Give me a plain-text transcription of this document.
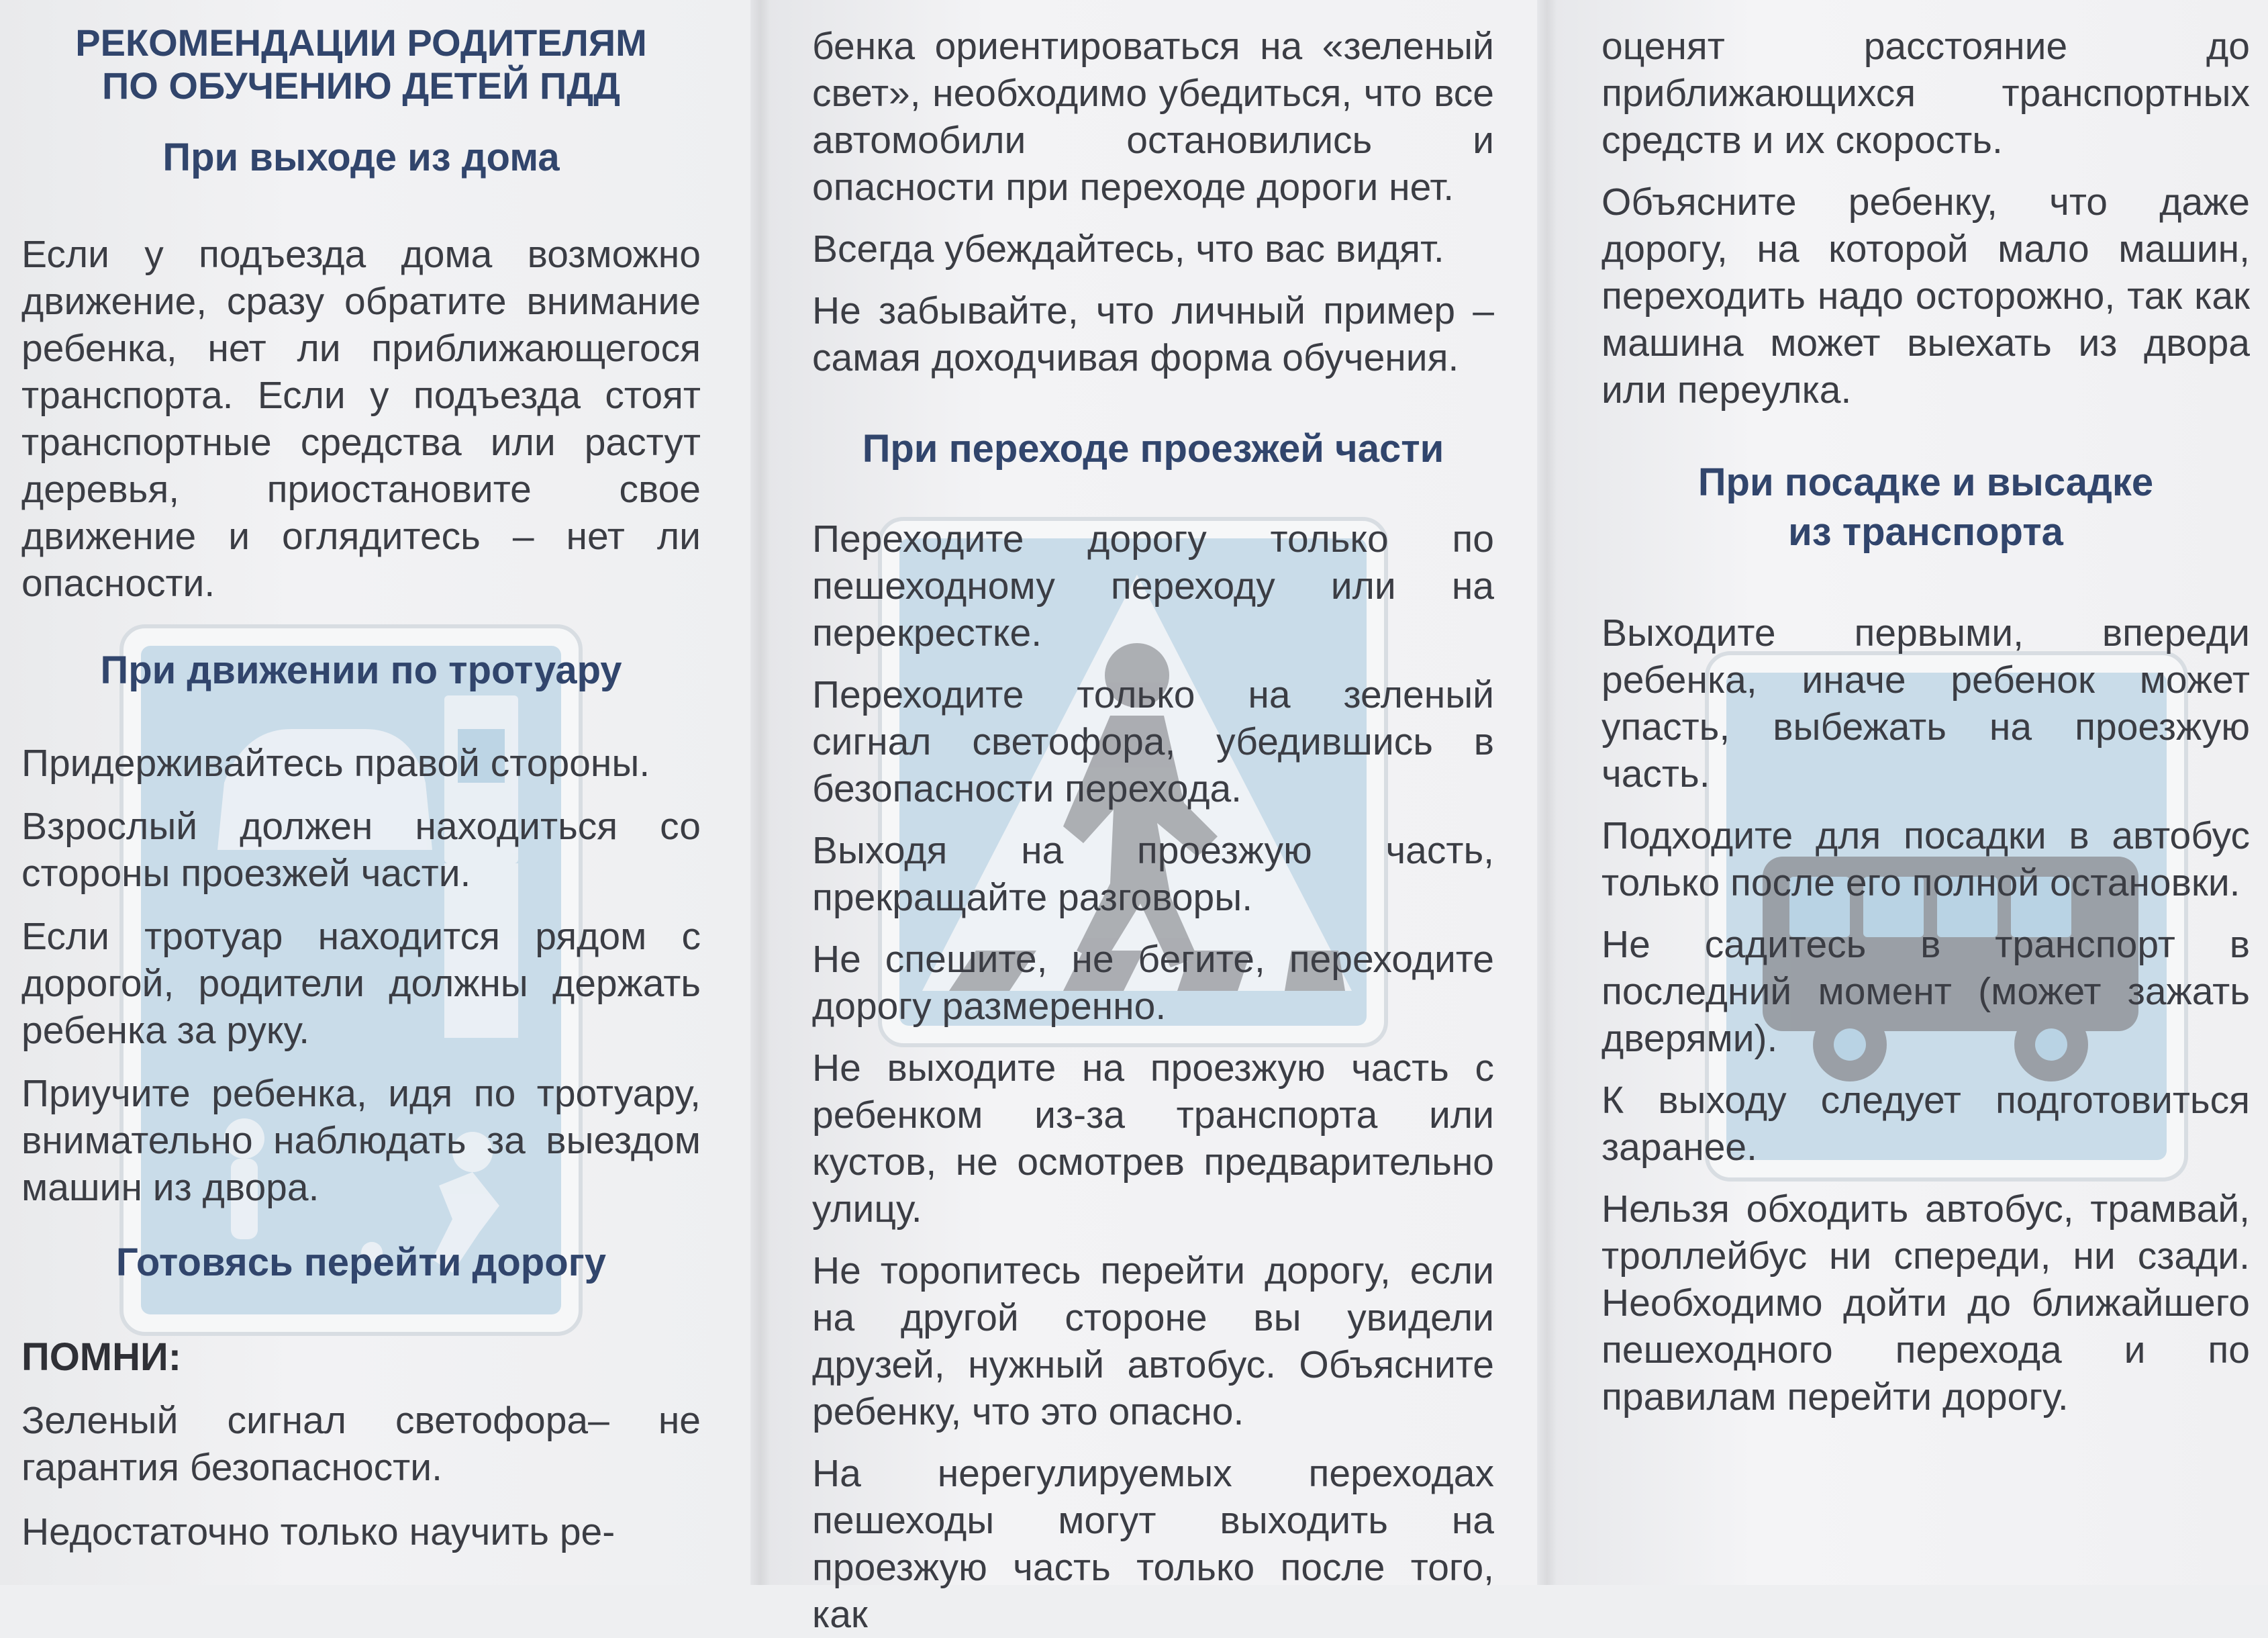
РЕКОМЕНДАЦИИ РОДИТЕЛЯМ
ПО ОБУЧЕНИЮ ДЕТЕЙ ПДД
При выходе из дома

Если у подъезда дома возможно движение, сразу обратите внимание ребенка, нет ли приближающегося транспорта. Если у подъезда стоят транспортные средства или растут деревья, приостановите свое движение и оглядитесь – нет ли опасности.

При движении по тротуару

Придерживайтесь правой стороны.

Взрослый должен находиться со стороны проезжей части.

Если тротуар находится рядом с дорогой, родители должны держать ребенка за руку.

Приучите ребенка, идя по тротуару, внимательно наблюдать за выездом машин из двора.

Готовясь перейти дорогу
ПОМНИ:

Зеленый сигнал светофора– не гарантия безопасности.

Недостаточно только научить ре-

бенка ориентироваться на «зеленый свет», необходимо убедиться, что все автомобили остановились и опасности при переходе дороги нет.

Всегда убеждайтесь, что вас видят.

Не забывайте, что личный пример – самая доходчивая форма обучения.

При переходе проезжей части

Переходите дорогу только по пешеходному переходу или на перекрестке.

Переходите только на зеленый сигнал светофора, убедившись в безопасности перехода.

Выходя на проезжую часть, прекращайте разговоры.

Не спешите, не бегите, переходите дорогу размеренно.

Не выходите на проезжую часть с ребенком из-за транспорта или кустов, не осмотрев предварительно улицу.

Не торопитесь перейти дорогу, если на другой стороне вы увидели друзей, нужный автобус. Объясните ребенку, что это опасно.

На нерегулируемых переходах пешеходы могут выходить на проезжую часть только после того, как

оценят расстояние до приближающихся транспортных средств и их скорость.

Объясните ребенку, что даже дорогу, на которой мало машин, переходить надо осторожно, так как машина может выехать из двора или переулка.

При посадке и высадке
из транспорта

Выходите первыми, впереди ребенка, иначе ребенок может упасть, выбежать на проезжую часть.

Подходите для посадки в автобус только после его полной остановки.

Не садитесь в транспорт в последний момент (может зажать дверями).

К выходу следует подготовиться заранее.

Нельзя обходить автобус, трамвай, троллейбус ни спереди, ни сзади. Необходимо дойти до ближайшего пешеходного перехода и по правилам перейти дорогу.
